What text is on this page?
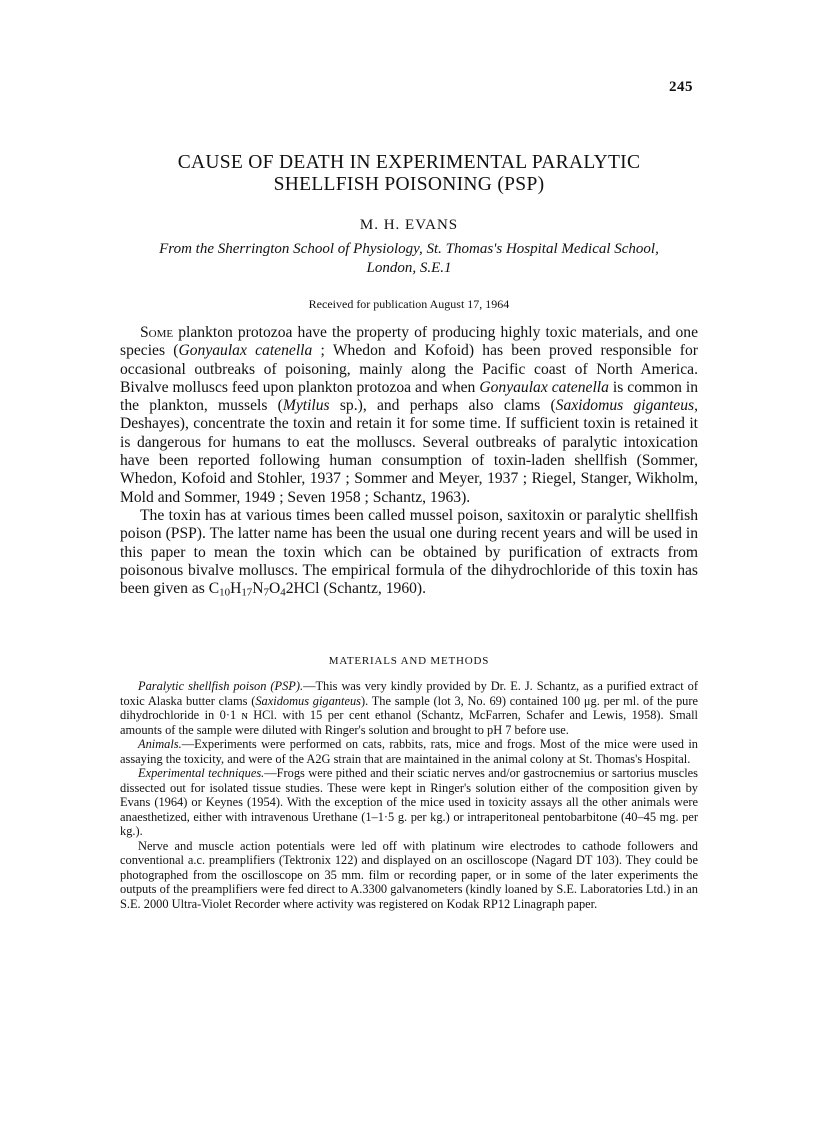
245
CAUSE OF DEATH IN EXPERIMENTAL PARALYTIC
SHELLFISH POISONING (PSP)
M. H. EVANS
From the Sherrington School of Physiology, St. Thomas's Hospital Medical School,
London, S.E.1
Received for publication August 17, 1964

Some plankton protozoa have the property of producing highly toxic materials, and one species (Gonyaulax catenella ; Whedon and Kofoid) has been proved responsible for occasional outbreaks of poisoning, mainly along the Pacific coast of North America. Bivalve molluscs feed upon plankton protozoa and when Gonyaulax catenella is common in the plankton, mussels (Mytilus sp.), and perhaps also clams (Saxidomus giganteus, Deshayes), concentrate the toxin and retain it for some time. If sufficient toxin is retained it is dangerous for humans to eat the molluscs. Several outbreaks of paralytic intoxication have been reported following human consumption of toxin-laden shellfish (Sommer, Whedon, Kofoid and Stohler, 1937 ; Sommer and Meyer, 1937 ; Riegel, Stanger, Wikholm, Mold and Sommer, 1949 ; Seven 1958 ; Schantz, 1963).

The toxin has at various times been called mussel poison, saxitoxin or paralytic shellfish poison (PSP). The latter name has been the usual one during recent years and will be used in this paper to mean the toxin which can be obtained by purification of extracts from poisonous bivalve molluscs. The empirical formula of the dihydrochloride of this toxin has been given as $C_{10}H_{17}N_7O_42HCl$ (Schantz, 1960).

MATERIALS AND METHODS

Paralytic shellfish poison (PSP).—This was very kindly provided by Dr. E. J. Schantz, as a purified extract of toxic Alaska butter clams (Saxidomus giganteus). The sample (lot 3, No. 69) contained 100 μg. per ml. of the pure dihydrochloride in 0·1 ɴ HCl. with 15 per cent ethanol (Schantz, McFarren, Schafer and Lewis, 1958). Small amounts of the sample were diluted with Ringer's solution and brought to pH 7 before use.

Animals.—Experiments were performed on cats, rabbits, rats, mice and frogs. Most of the mice were used in assaying the toxicity, and were of the A2G strain that are maintained in the animal colony at St. Thomas's Hospital.

Experimental techniques.—Frogs were pithed and their sciatic nerves and/or gastrocnemius or sartorius muscles dissected out for isolated tissue studies. These were kept in Ringer's solution either of the composition given by Evans (1964) or Keynes (1954). With the exception of the mice used in toxicity assays all the other animals were anaesthetized, either with intravenous Urethane (1–1·5 g. per kg.) or intraperitoneal pentobarbitone (40–45 mg. per kg.).

Nerve and muscle action potentials were led off with platinum wire electrodes to cathode followers and conventional a.c. preamplifiers (Tektronix 122) and displayed on an oscilloscope (Nagard DT 103). They could be photographed from the oscilloscope on 35 mm. film or recording paper, or in some of the later experiments the outputs of the preamplifiers were fed direct to A.3300 galvanometers (kindly loaned by S.E. Laboratories Ltd.) in an S.E. 2000 Ultra-Violet Recorder where activity was registered on Kodak RP12 Linagraph paper.
